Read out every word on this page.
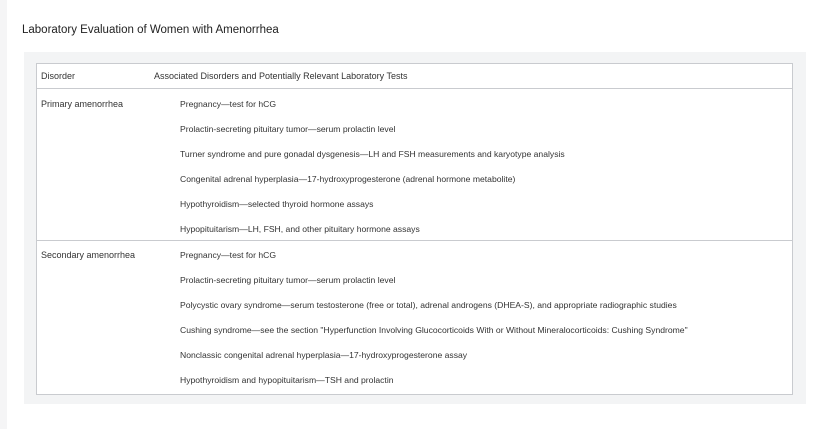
Laboratory Evaluation of Women with Amenorrhea
Disorder	Associated Disorders and Potentially Relevant Laboratory Tests
Primary amenorrhea	Pregnancy—test for hCG
Prolactin-secreting pituitary tumor—serum prolactin level
Turner syndrome and pure gonadal dysgenesis—LH and FSH measurements and karyotype analysis
Congenital adrenal hyperplasia—17-hydroxyprogesterone (adrenal hormone metabolite)
Hypothyroidism—selected thyroid hormone assays
Hypopituitarism—LH, FSH, and other pituitary hormone assays
Secondary amenorrhea	Pregnancy—test for hCG
Prolactin-secreting pituitary tumor—serum prolactin level
Polycystic ovary syndrome—serum testosterone (free or total), adrenal androgens (DHEA-S), and appropriate radiographic studies
Cushing syndrome—see the section "Hyperfunction Involving Glucocorticoids With or Without Mineralocorticoids: Cushing Syndrome"
Nonclassic congenital adrenal hyperplasia—17-hydroxyprogesterone assay
Hypothyroidism and hypopituitarism—TSH and prolactin
